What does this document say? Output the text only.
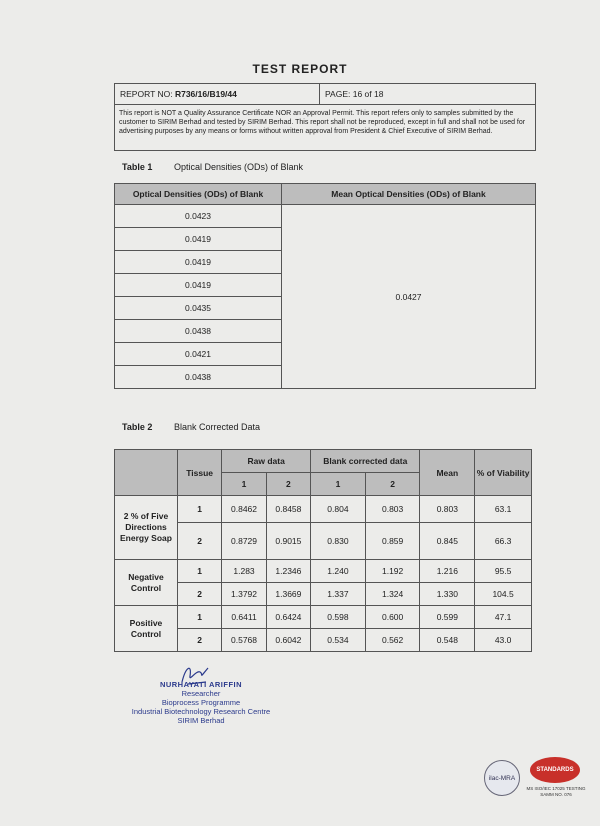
TEST REPORT
REPORT NO: R736/16/B19/44	PAGE: 16 of 18
This report is NOT a Quality Assurance Certificate NOR an Approval Permit. This report refers only to samples submitted by the customer to SIRIM Berhad and tested by SIRIM Berhad. This report shall not be reproduced, except in full and shall not be used for advertising purposes by any means or forms without written approval from President & Chief Executive of SIRIM Berhad.
Table 1 Optical Densities (ODs) of Blank
Optical Densities (ODs) of Blank	Mean Optical Densities (ODs) of Blank
0.0423	0.0427
0.0419	
0.0419	
0.0419	
0.0435	
0.0438	
0.0421	
0.0438	
Table 2 Blank Corrected Data
	Tissue	Raw data		Blank corrected data		Mean	% of Viability
		1	2	1	2		
2 % of Five Directions Energy Soap	1	0.8462	0.8458	0.804	0.803	0.803	63.1
	2	0.8729	0.9015	0.830	0.859	0.845	66.3
Negative Control	1	1.283	1.2346	1.240	1.192	1.216	95.5
	2	1.3792	1.3669	1.337	1.324	1.330	104.5
Positive Control	1	0.6411	0.6424	0.598	0.600	0.599	47.1
	2	0.5768	0.6042	0.534	0.562	0.548	43.0
NURHAYATI ARIFFIN
Researcher
Bioprocess Programme
Industrial Biotechnology Research Centre
SIRIM Berhad
ilac-MRA
STANDARDS
MS ISO/IEC 17025 TESTING SAMM NO. 076
